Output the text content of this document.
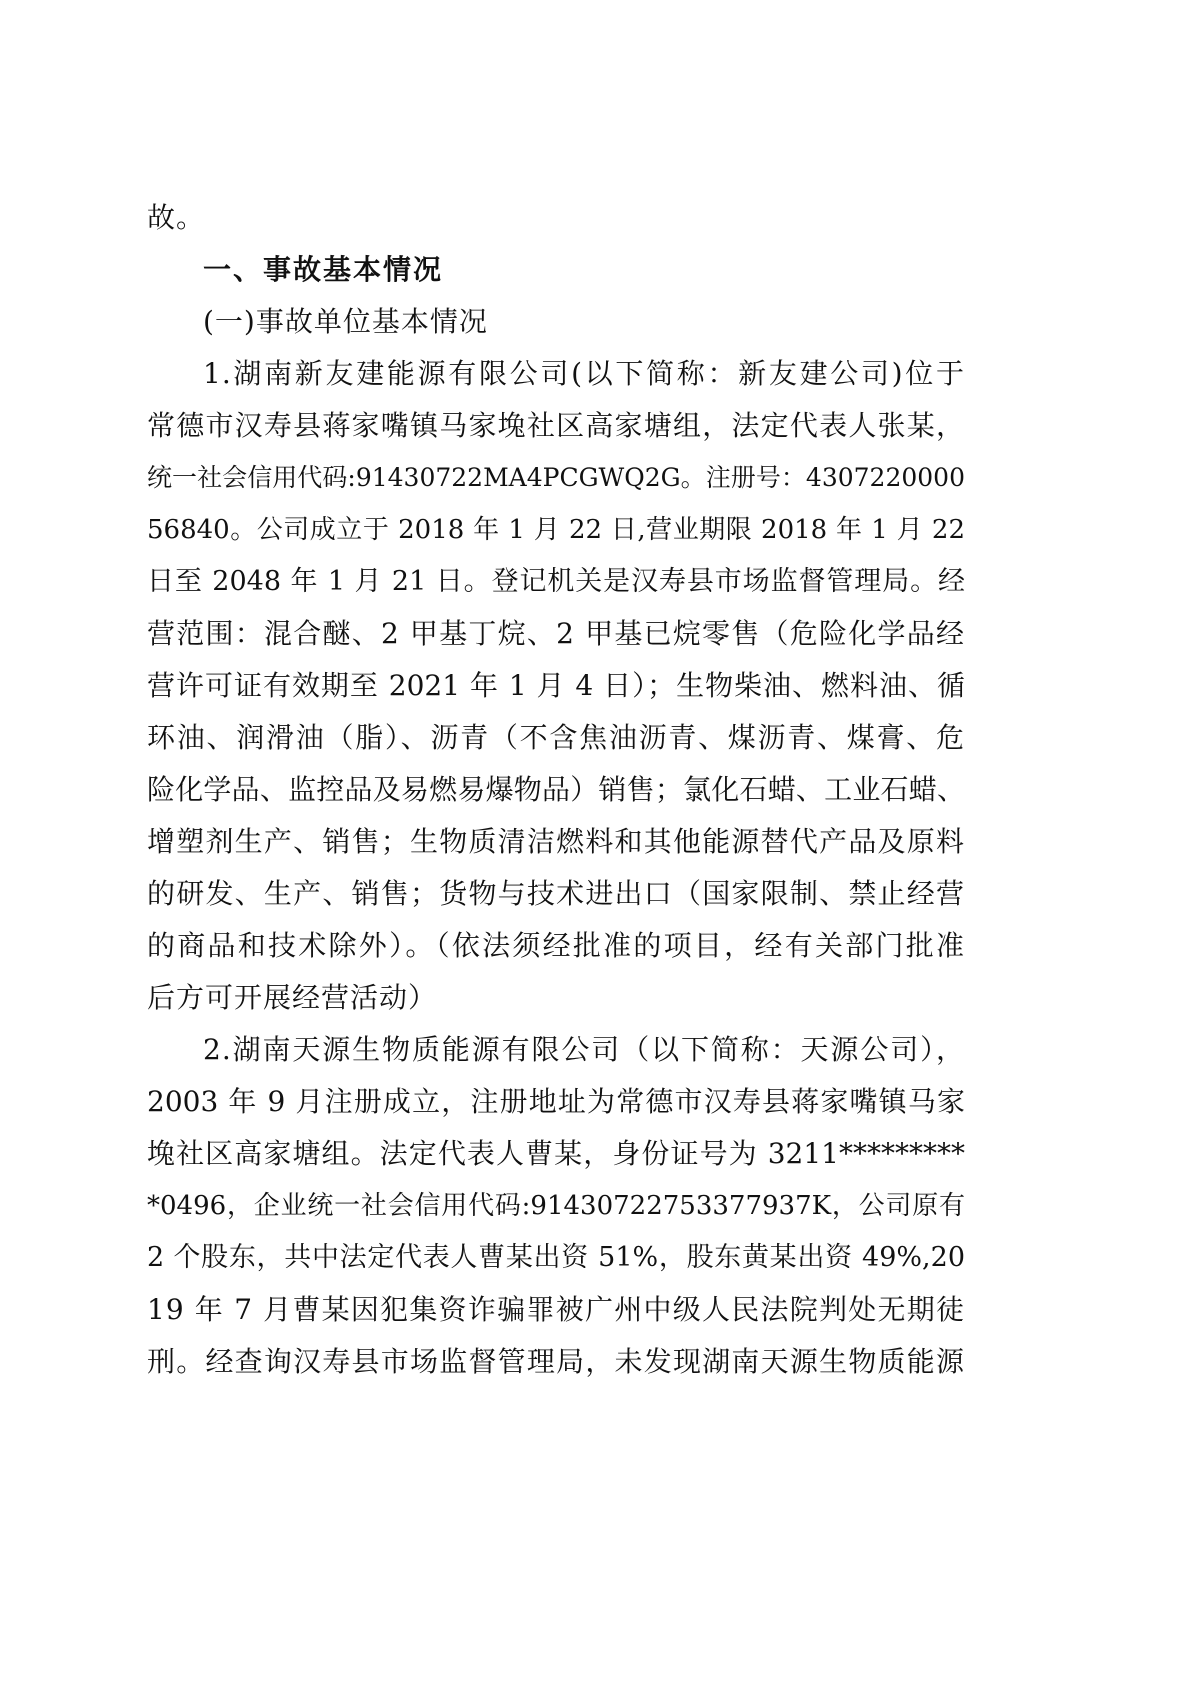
故。
一、事故基本情况
(一)事故单位基本情况
1.湖南新友建能源有限公司(以下简称：新友建公司)位于
常德市汉寿县蒋家嘴镇马家堍社区高家塘组，法定代表人张某，
统一社会信用代码:91430722MA4PCGWQ2G。注册号：4307220000
56840。公司成立于 2018 年 1 月 22 日,营业期限 2018 年 1 月 22
日至 2048 年 1 月 21 日。登记机关是汉寿县市场监督管理局。经
营范围：混合醚、2 甲基丁烷、2 甲基已烷零售（危险化学品经
营许可证有效期至 2021 年 1 月 4 日）；生物柴油、燃料油、循
环油、润滑油（脂）、沥青（不含焦油沥青、煤沥青、煤膏、危
险化学品、监控品及易燃易爆物品）销售；氯化石蜡、工业石蜡、
增塑剂生产、销售；生物质清洁燃料和其他能源替代产品及原料
的研发、生产、销售；货物与技术进出口（国家限制、禁止经营
的商品和技术除外）。（依法须经批准的项目，经有关部门批准
后方可开展经营活动）
2.湖南天源生物质能源有限公司（以下简称：天源公司），
2003 年 9 月注册成立，注册地址为常德市汉寿县蒋家嘴镇马家
堍社区高家塘组。法定代表人曹某，身份证号为 3211*********
*0496，企业统一社会信用代码:91430722753377937K，公司原有
2 个股东，共中法定代表人曹某出资 51%，股东黄某出资 49%,20
19 年 7 月曹某因犯集资诈骗罪被广州中级人民法院判处无期徒
刑。经查询汉寿县市场监督管理局，未发现湖南天源生物质能源
